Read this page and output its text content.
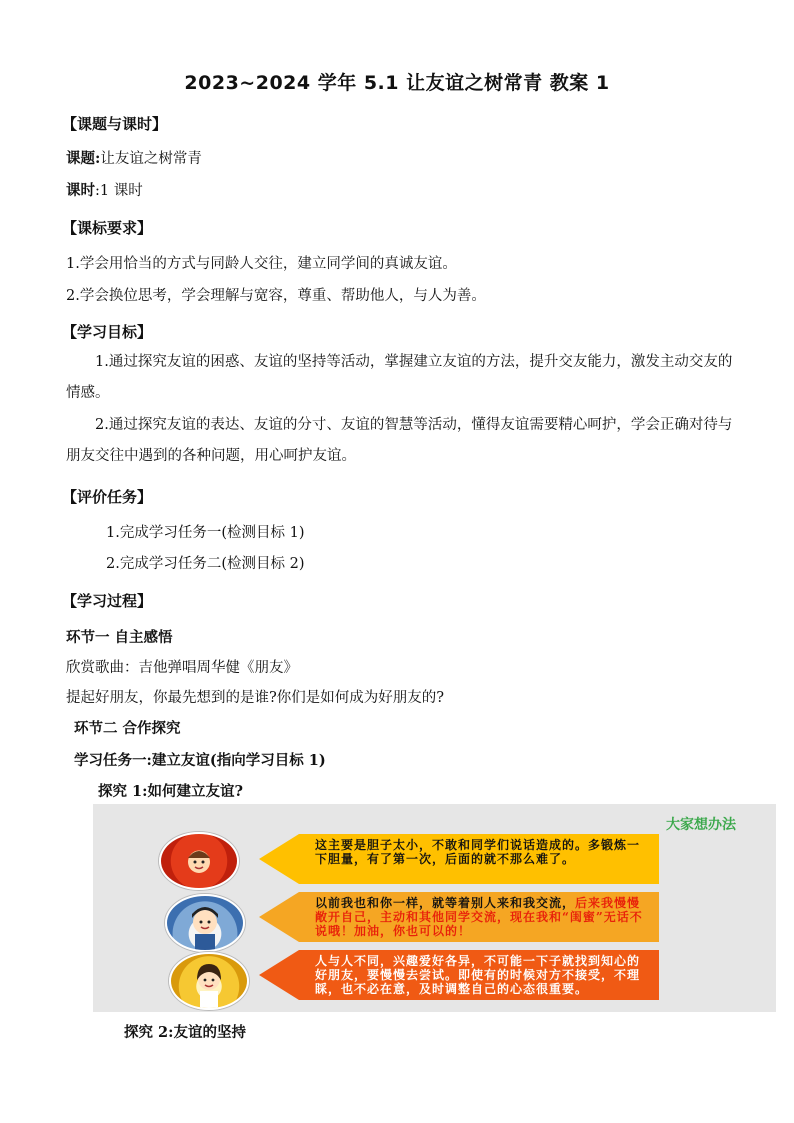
2023~2024 学年 5.1 让友谊之树常青 教案 1
【课题与课时】
课题:让友谊之树常青
课时:1 课时
【课标要求】
1.学会用恰当的方式与同龄人交往，建立同学间的真诚友谊。
2.学会换位思考，学会理解与宽容，尊重、帮助他人，与人为善。
【学习目标】
1.通过探究友谊的困惑、友谊的坚持等活动，掌握建立友谊的方法，提升交友能力，激发主动交友的情感。
2.通过探究友谊的表达、友谊的分寸、友谊的智慧等活动，懂得友谊需要精心呵护，学会正确对待与朋友交往中遇到的各种问题，用心呵护友谊。
【评价任务】
1.完成学习任务一(检测目标 1)
2.完成学习任务二(检测目标 2)
【学习过程】
环节一 自主感悟
欣赏歌曲：吉他弹唱周华健《朋友》
提起好朋友，你最先想到的是谁?你们是如何成为好朋友的?
环节二 合作探究
学习任务一:建立友谊(指向学习目标 1)
探究 1:如何建立友谊?
大家想办法
这主要是胆子太小，不敢和同学们说话造成的。多锻炼一下胆量，有了第一次，后面的就不那么难了。
以前我也和你一样，就等着别人来和我交流，后来我慢慢敞开自己，主动和其他同学交流，现在我和“闺蜜”无话不说哦！加油，你也可以的！
人与人不同，兴趣爱好各异，不可能一下子就找到知心的好朋友，要慢慢去尝试。即使有的时候对方不接受，不理睬，也不必在意，及时调整自己的心态很重要。
探究 2:友谊的坚持
